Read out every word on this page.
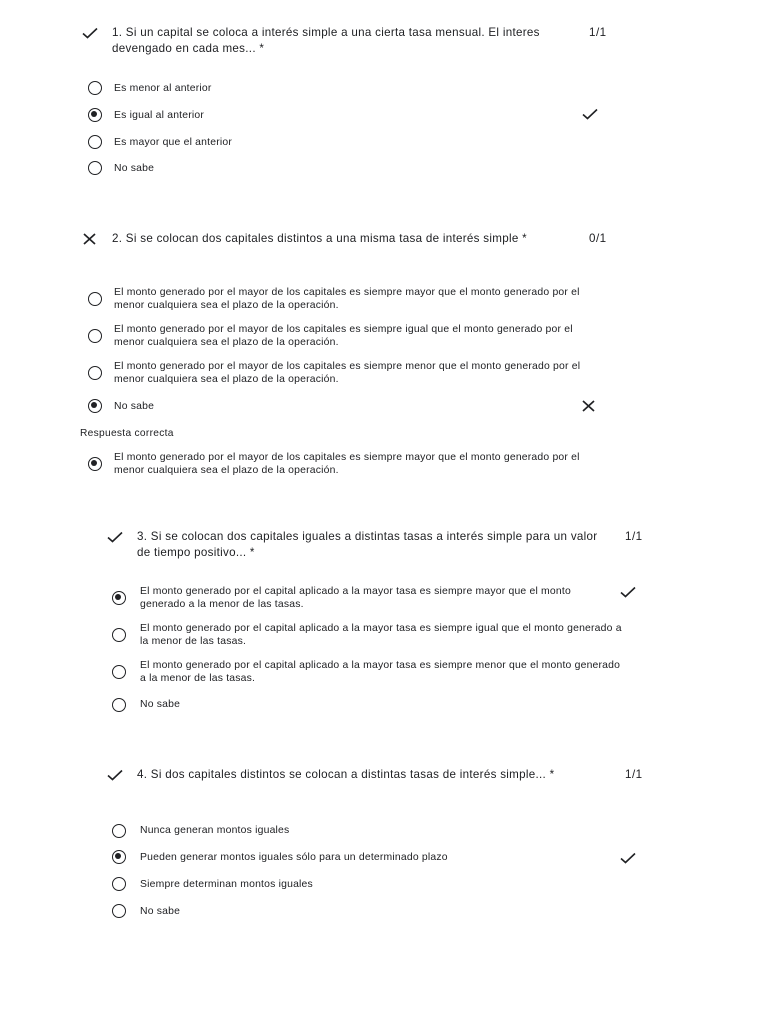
1. Si un capital se coloca a interés simple a una cierta tasa mensual. El interes devengado en cada mes... *
1/1
Es menor al anterior
Es igual al anterior
Es mayor que el anterior
No sabe
2. Si se colocan dos capitales distintos a una misma tasa de interés simple *	0/1
El monto generado por el mayor de los capitales es siempre mayor que el monto generado por el menor cualquiera sea el plazo de la operación.
El monto generado por el mayor de los capitales es siempre igual que el monto generado por el menor cualquiera sea el plazo de la operación.
El monto generado por el mayor de los capitales es siempre menor que el monto generado por el menor cualquiera sea el plazo de la operación.
No sabe
Respuesta correcta
El monto generado por el mayor de los capitales es siempre mayor que el monto generado por el menor cualquiera sea el plazo de la operación.
3. Si se colocan dos capitales iguales a distintas tasas a interés simple para un valor de tiempo positivo... *
1/1
El monto generado por el capital aplicado a la mayor tasa es siempre mayor que el monto generado a la menor de las tasas.
El monto generado por el capital aplicado a la mayor tasa es siempre igual que el monto generado a la menor de las tasas.
El monto generado por el capital aplicado a la mayor tasa es siempre menor que el monto generado a la menor de las tasas.
No sabe
4. Si dos capitales distintos se colocan a distintas tasas de interés simple... *	1/1
Nunca generan montos iguales
Pueden generar montos iguales sólo para un determinado plazo
Siempre determinan montos iguales
No sabe
